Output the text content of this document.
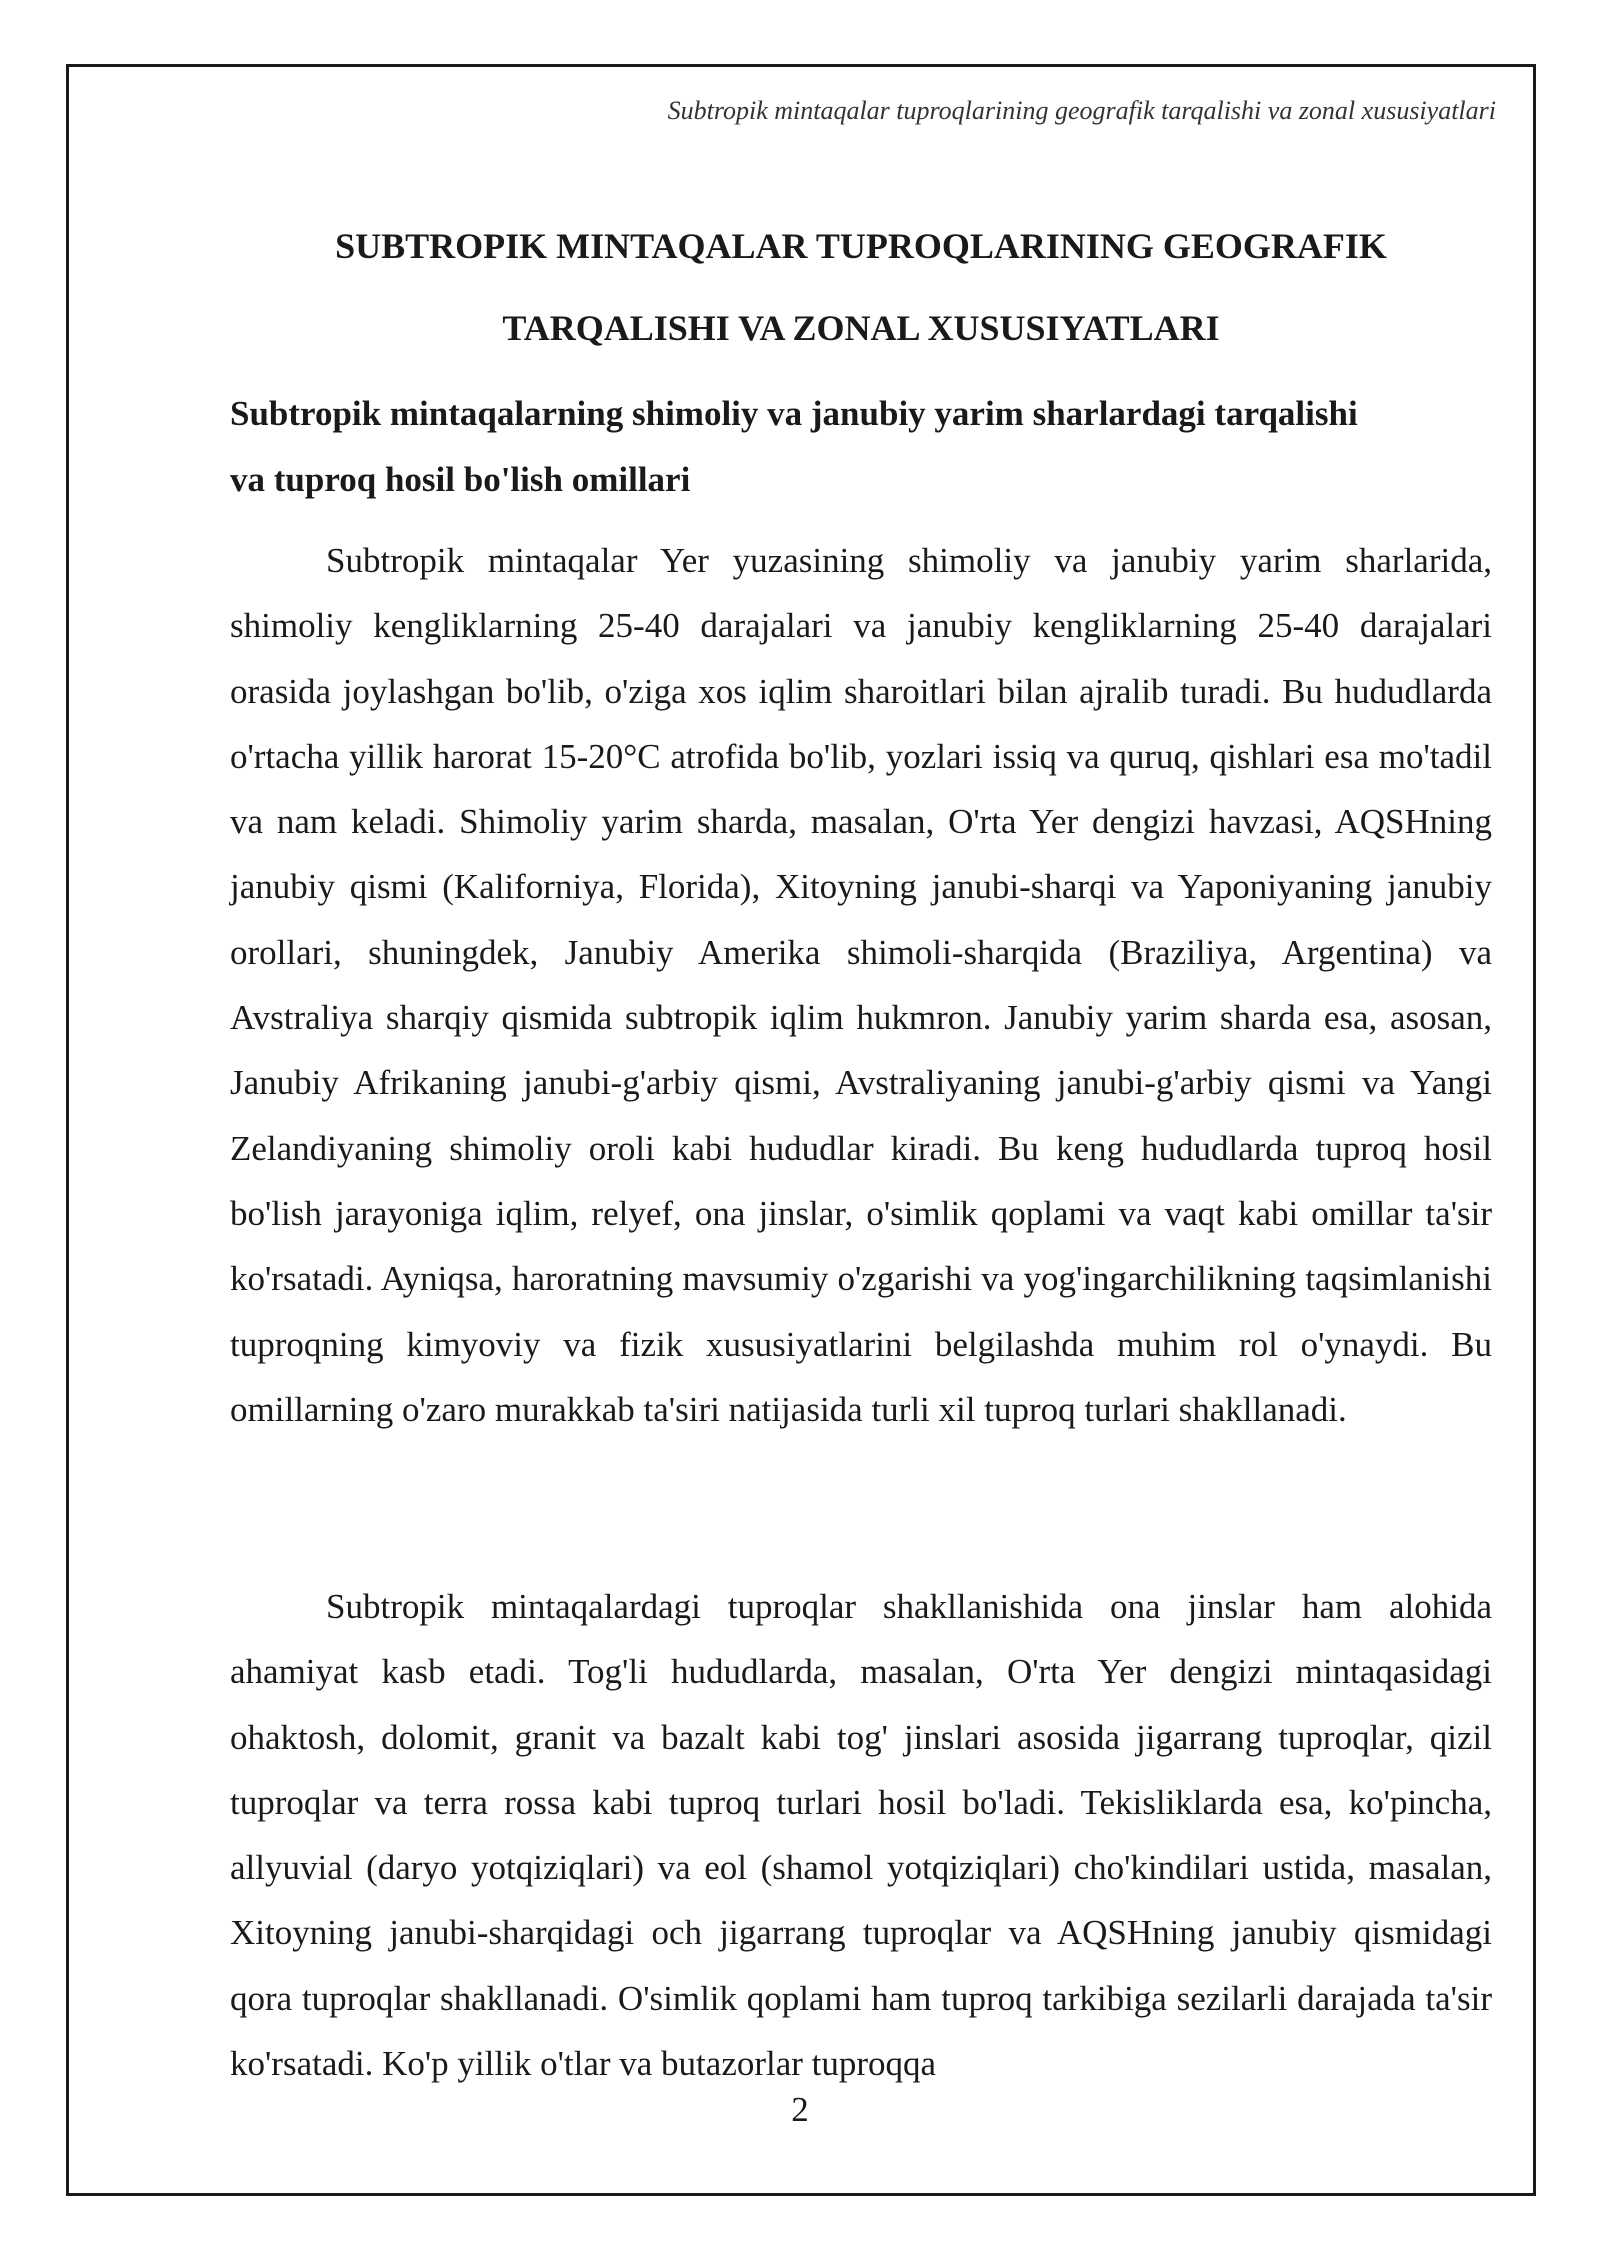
Subtropik mintaqalar tuproqlarining geografik tarqalishi va zonal xususiyatlari
SUBTROPIK MINTAQALAR TUPROQLARINING GEOGRAFIK
TARQALISHI VA ZONAL XUSUSIYATLARI
Subtropik mintaqalarning shimoliy va janubiy yarim sharlardagi tarqalishi
va tuproq hosil bo'lish omillari

Subtropik mintaqalar Yer yuzasining shimoliy va janubiy yarim sharlarida, shimoliy kengliklarning 25-40 darajalari va janubiy kengliklarning 25-40 darajalari orasida joylashgan bo'lib, o'ziga xos iqlim sharoitlari bilan ajralib turadi. Bu hududlarda o'rtacha yillik harorat 15-20°C atrofida bo'lib, yozlari issiq va quruq, qishlari esa mo'tadil va nam keladi. Shimoliy yarim sharda, masalan, O'rta Yer dengizi havzasi, AQSHning janubiy qismi (Kaliforniya, Florida), Xitoyning janubi-sharqi va Yaponiyaning janubiy orollari, shuningdek, Janubiy Amerika shimoli-sharqida (Braziliya, Argentina) va Avstraliya sharqiy qismida subtropik iqlim hukmron. Janubiy yarim sharda esa, asosan, Janubiy Afrikaning janubi-g'arbiy qismi, Avstraliyaning janubi-g'arbiy qismi va Yangi Zelandiyaning shimoliy oroli kabi hududlar kiradi. Bu keng hududlarda tuproq hosil bo'lish jarayoniga iqlim, relyef, ona jinslar, o'simlik qoplami va vaqt kabi omillar ta'sir ko'rsatadi. Ayniqsa, haroratning mavsumiy o'zgarishi va yog'ingarchilikning taqsimlanishi tuproqning kimyoviy va fizik xususiyatlarini belgilashda muhim rol o'ynaydi. Bu omillarning o'zaro murakkab ta'siri natijasida turli xil tuproq turlari shakllanadi.

Subtropik mintaqalardagi tuproqlar shakllanishida ona jinslar ham alohida ahamiyat kasb etadi. Tog'li hududlarda, masalan, O'rta Yer dengizi mintaqasidagi ohaktosh, dolomit, granit va bazalt kabi tog' jinslari asosida jigarrang tuproqlar, qizil tuproqlar va terra rossa kabi tuproq turlari hosil bo'ladi. Tekisliklarda esa, ko'pincha, allyuvial (daryo yotqiziqlari) va eol (shamol yotqiziqlari) cho'kindilari ustida, masalan, Xitoyning janubi-sharqidagi och jigarrang tuproqlar va AQSHning janubiy qismidagi qora tuproqlar shakllanadi. O'simlik qoplami ham tuproq tarkibiga sezilarli darajada ta'sir ko'rsatadi. Ko'p yillik o'tlar va butazorlar tuproqqa

2
